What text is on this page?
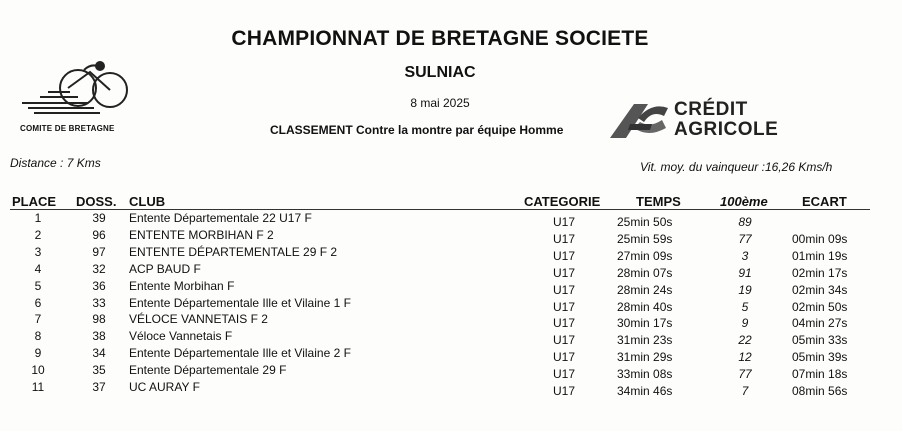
CHAMPIONNAT DE BRETAGNE SOCIETE
SULNIAC
8 mai 2025
CLASSEMENT Contre la montre par équipe Homme
COMITE DE BRETAGNE
CRÉDIT
AGRICOLE
Distance : 7 Kms	Vit. moy. du vainqueur :16,26 Kms/h
PLACE DOSS. CLUB	CATEGORIE	TEMPS	100ème	ECART
1	39	Entente Départementale 22 U17 F	U17	25min 50s	89
2	96	ENTENTE MORBIHAN F 2	U17	25min 59s	77	00min 09s
3	97	ENTENTE DÉPARTEMENTALE 29 F 2	U17	27min 09s	3	01min 19s
4	32	ACP BAUD F	U17	28min 07s	91	02min 17s
5	36	Entente Morbihan F	U17	28min 24s	19	02min 34s
6	33	Entente Départementale Ille et Vilaine 1 F	U17	28min 40s	5	02min 50s
7	98	VÉLOCE VANNETAIS F 2	U17	30min 17s	9	04min 27s
8	38	Véloce Vannetais F	U17	31min 23s	22	05min 33s
9	34	Entente Départementale Ille et Vilaine 2 F	U17	31min 29s	12	05min 39s
10	35	Entente Départementale 29 F	U17	33min 08s	77	07min 18s
11	37	UC AURAY F	U17	34min 46s	7	08min 56s
